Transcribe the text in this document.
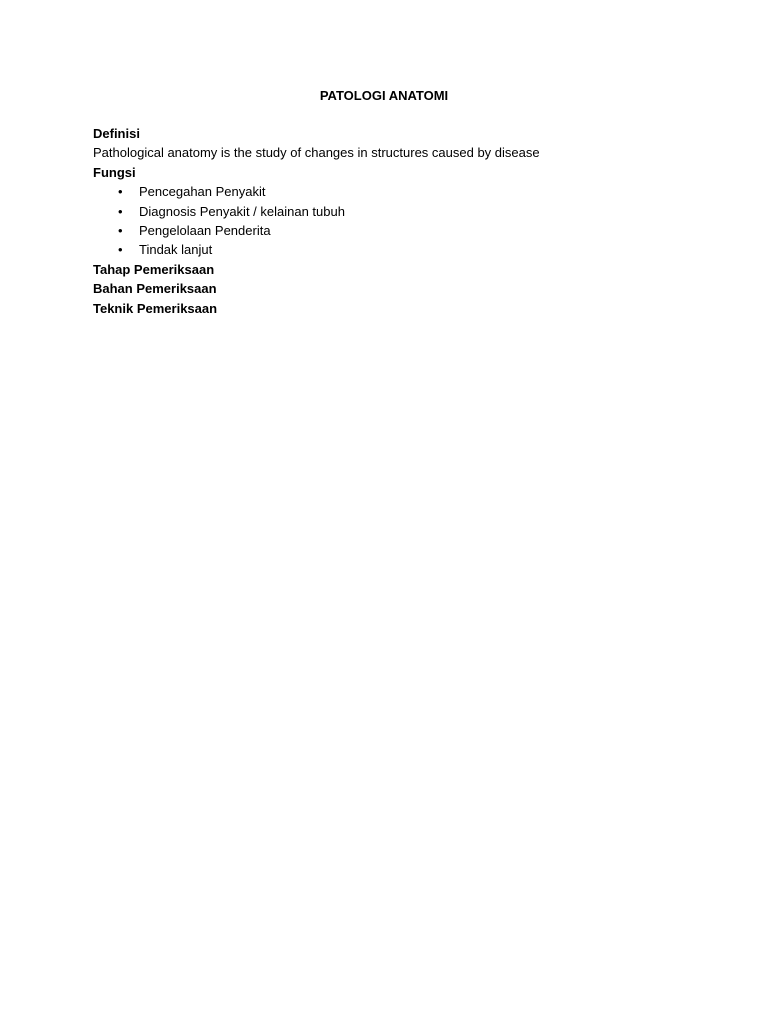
PATOLOGI ANATOMI

Definisi

Pathological anatomy is the study of changes in structures caused by disease

Fungsi

• Pencegahan Penyakit
• Diagnosis Penyakit / kelainan tubuh
• Pengelolaan Penderita
• Tindak lanjut

Tahap Pemeriksaan

Bahan Pemeriksaan

Teknik Pemeriksaan
